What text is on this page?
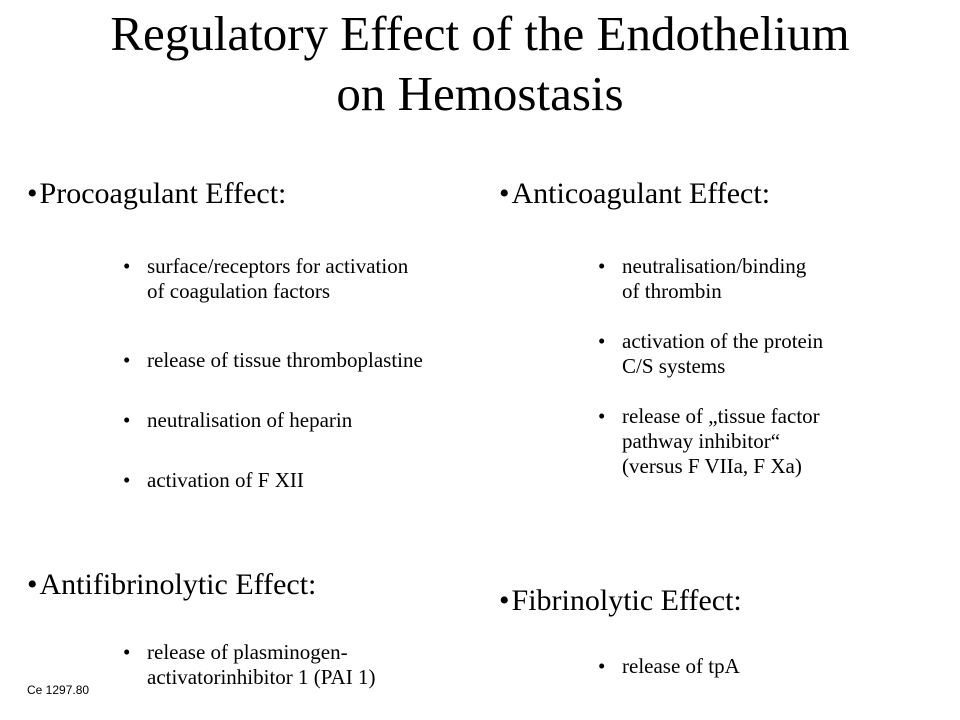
Regulatory Effect of the Endothelium
on Hemostasis
•Procoagulant Effect:
• surface/receptors for activation
of coagulation factors
• release of tissue thromboplastine
• neutralisation of heparin
• activation of F XII
•Anticoagulant Effect:
• neutralisation/binding
of thrombin
• activation of the protein
C/S systems
• release of „tissue factor
pathway inhibitor“
(versus F VIIa, F Xa)
•Antifibrinolytic Effect:
• release of plasminogen-
activatorinhibitor 1 (PAI 1)
•Fibrinolytic Effect:
• release of tpA
Ce 1297.80
